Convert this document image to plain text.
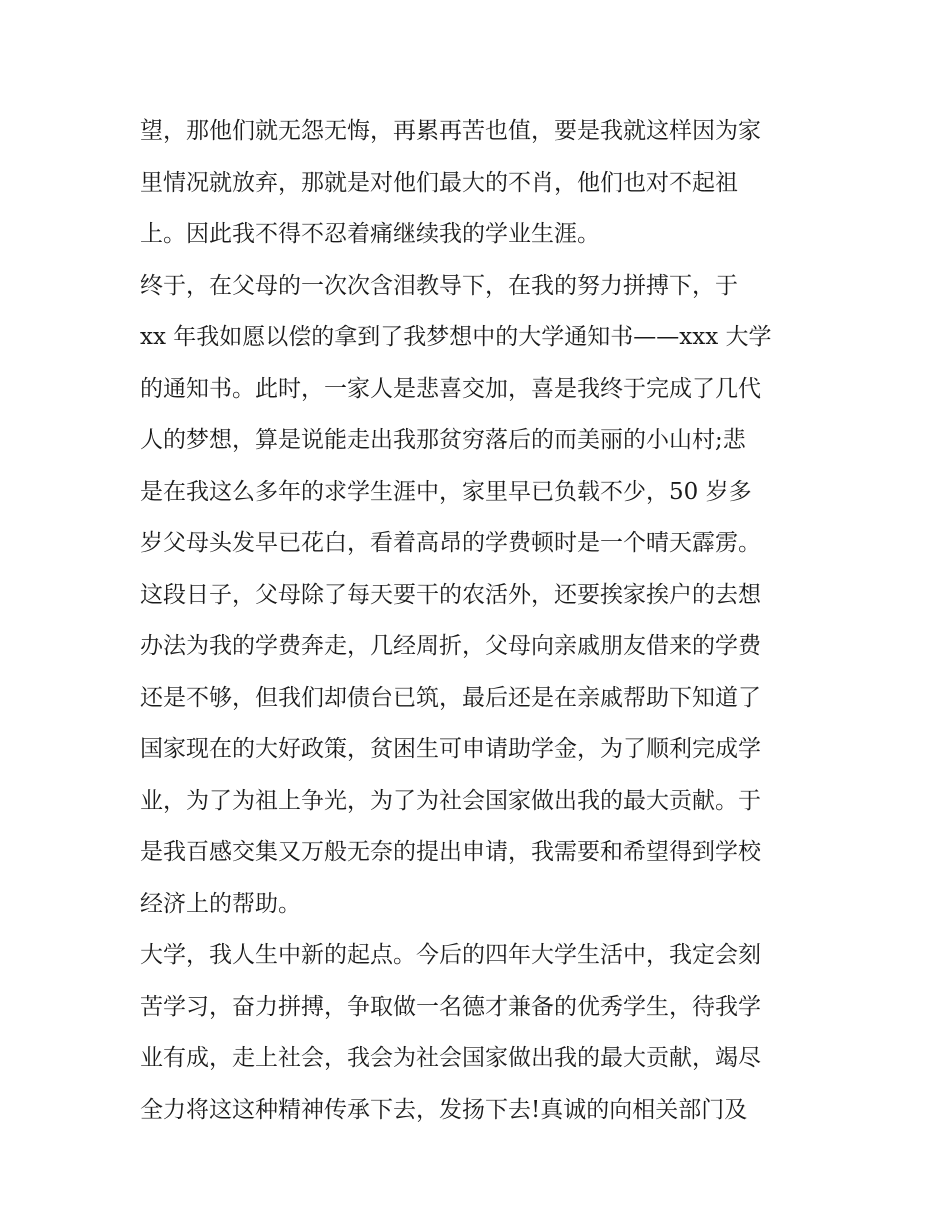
望，那他们就无怨无悔，再累再苦也值，要是我就这样因为家
里情况就放弃，那就是对他们最大的不肖，他们也对不起祖
上。因此我不得不忍着痛继续我的学业生涯。
终于，在父母的一次次含泪教导下，在我的努力拼搏下，于
xx 年我如愿以偿的拿到了我梦想中的大学通知书——xxx 大学
的通知书。此时，一家人是悲喜交加，喜是我终于完成了几代
人的梦想，算是说能走出我那贫穷落后的而美丽的小山村;悲
是在我这么多年的求学生涯中，家里早已负载不少，50 岁多
岁父母头发早已花白，看着高昂的学费顿时是一个晴天霹雳。
这段日子，父母除了每天要干的农活外，还要挨家挨户的去想
办法为我的学费奔走，几经周折，父母向亲戚朋友借来的学费
还是不够，但我们却债台已筑，最后还是在亲戚帮助下知道了
国家现在的大好政策，贫困生可申请助学金，为了顺利完成学
业，为了为祖上争光，为了为社会国家做出我的最大贡献。于
是我百感交集又万般无奈的提出申请，我需要和希望得到学校
经济上的帮助。
大学，我人生中新的起点。今后的四年大学生活中，我定会刻
苦学习，奋力拼搏，争取做一名德才兼备的优秀学生，待我学
业有成，走上社会，我会为社会国家做出我的最大贡献，竭尽
全力将这这种精神传承下去，发扬下去!真诚的向相关部门及
